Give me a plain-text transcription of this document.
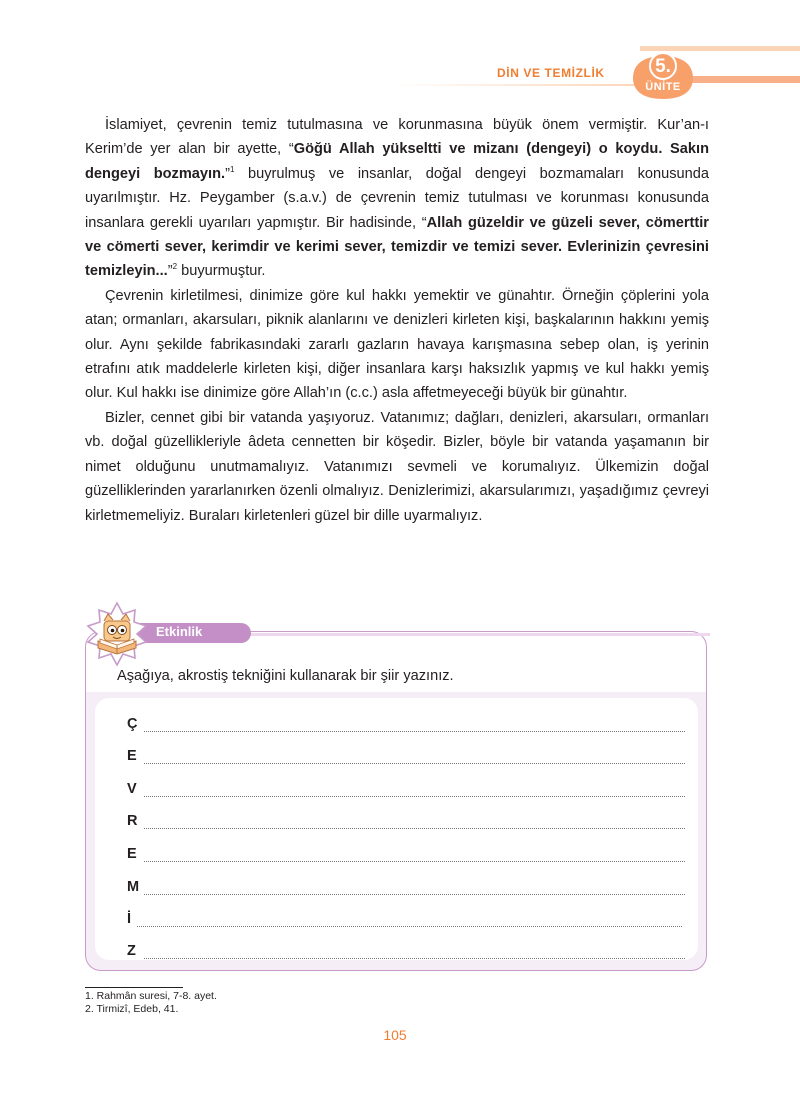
DİN VE TEMİZLİK	5.
ÜNİTE

İslamiyet, çevrenin temiz tutulmasına ve korunmasına büyük önem vermiştir. Kur’an-ı Kerim’de yer alan bir ayette, “Göğü Allah yükseltti ve mizanı (dengeyi) o koydu. Sakın dengeyi bozmayın.”$^1$ buyrulmuş ve insanlar, doğal dengeyi bozmamaları konusunda uyarılmıştır. Hz. Peygamber (s.a.v.) de çevrenin temiz tutulması ve korunması konusunda insanlara gerekli uyarıları yapmıştır. Bir hadisinde, “Allah güzeldir ve güzeli sever, cömerttir ve cömerti sever, kerimdir ve kerimi sever, temizdir ve temizi sever. Evlerinizin çevresini temizleyin...”$^2$ buyurmuştur.

Çevrenin kirletilmesi, dinimize göre kul hakkı yemektir ve günahtır. Örneğin çöplerini yola atan; ormanları, akarsuları, piknik alanlarını ve denizleri kirleten kişi, başkalarının hakkını yemiş olur. Aynı şekilde fabrikasındaki zararlı gazların havaya karışmasına sebep olan, iş yerinin etrafını atık maddelerle kirleten kişi, diğer insanlara karşı haksızlık yapmış ve kul hakkı yemiş olur. Kul hakkı ise dinimize göre Allah’ın (c.c.) asla affetmeyeceği büyük bir günahtır.

Bizler, cennet gibi bir vatanda yaşıyoruz. Vatanımız; dağları, denizleri, akarsuları, ormanları vb. doğal güzellikleriyle âdeta cennetten bir köşedir. Bizler, böyle bir vatanda yaşamanın bir nimet olduğunu unutmamalıyız. Vatanımızı sevmeli ve korumalıyız. Ülkemizin doğal güzelliklerinden yararlanırken özenli olmalıyız. Denizlerimizi, akarsularımızı, yaşadığımız çevreyi kirletmemeliyiz. Buraları kirletenleri güzel bir dille uyarmalıyız.

Etkinlik
Aşağıya, akrostiş tekniğini kullanarak bir şiir yazınız.
Ç
E
V
R
E
M
İ
Z
1. Rahmân suresi, 7-8. ayet.
2. Tirmizî, Edeb, 41.
105
